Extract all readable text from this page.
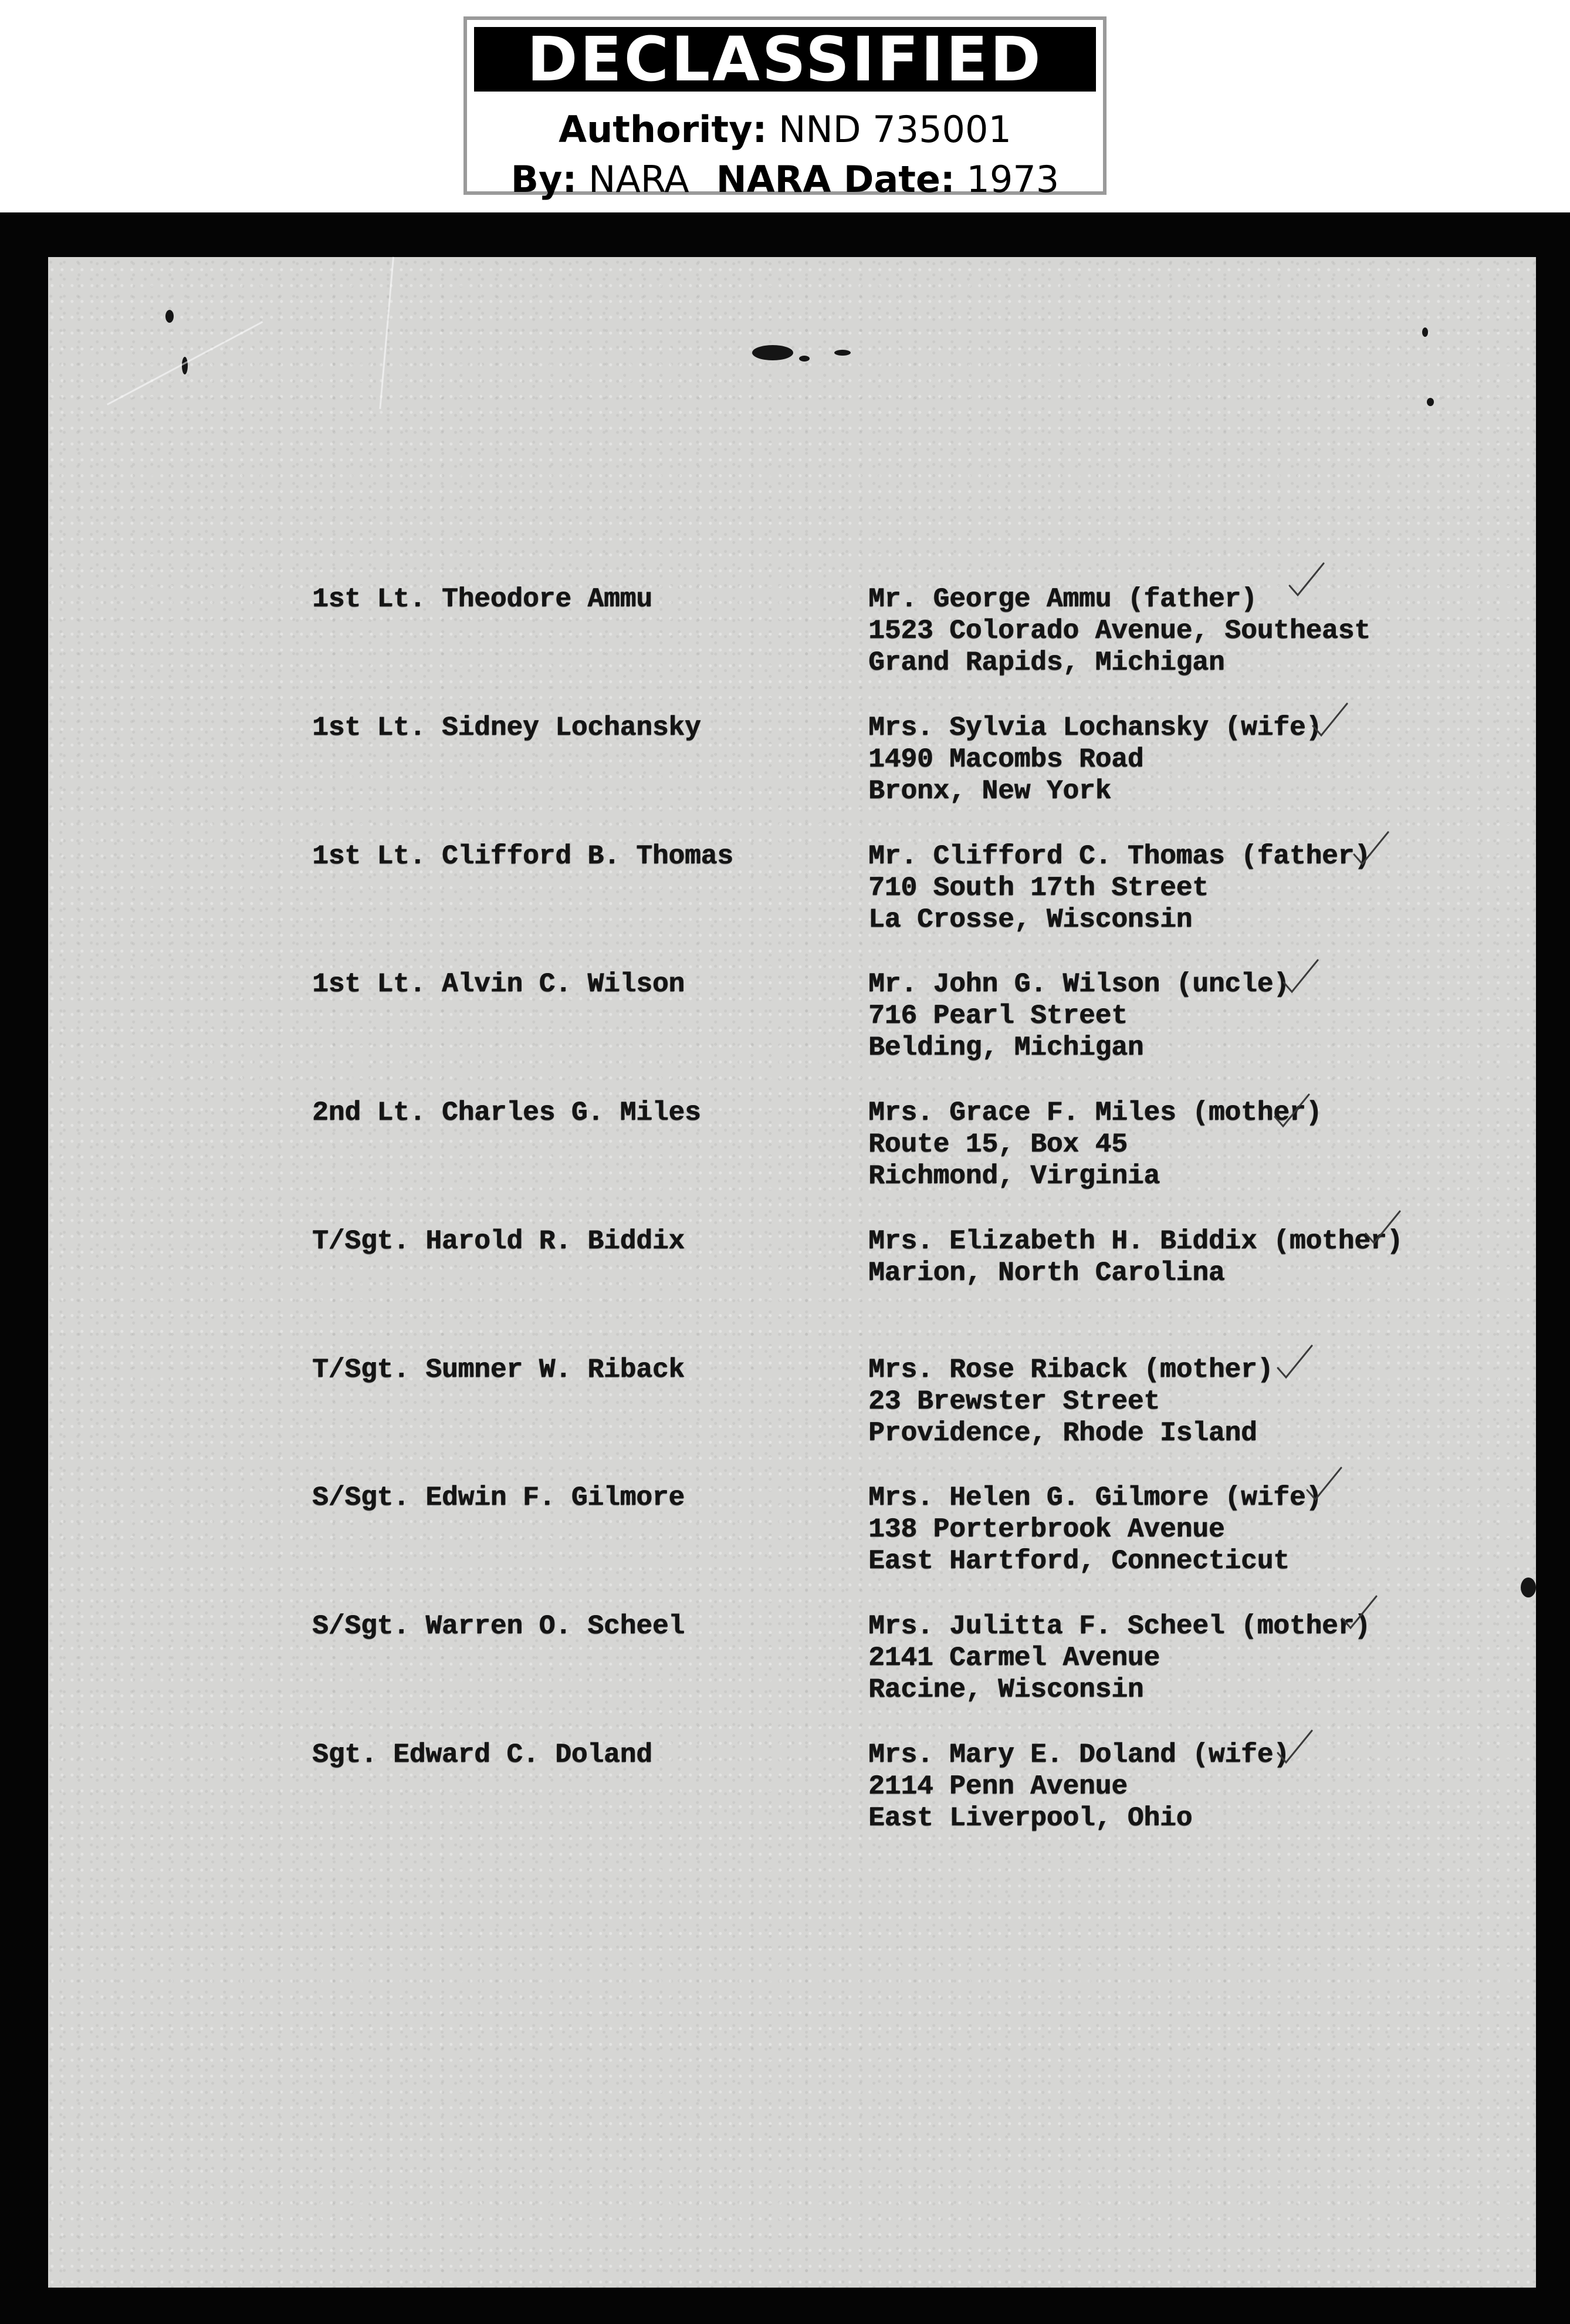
DECLASSIFIED
Authority: NND 735001
By: NARA NARA Date: 1973
1st Lt. Theodore Ammu	Mr. George Ammu (father)
1523 Colorado Avenue, Southeast
Grand Rapids, Michigan
1st Lt. Sidney Lochansky	Mrs. Sylvia Lochansky (wife)
1490 Macombs Road
Bronx, New York
1st Lt. Clifford B. Thomas	Mr. Clifford C. Thomas (father)
710 South 17th Street
La Crosse, Wisconsin
1st Lt. Alvin C. Wilson	Mr. John G. Wilson (uncle)
716 Pearl Street
Belding, Michigan
2nd Lt. Charles G. Miles	Mrs. Grace F. Miles (mother)
Route 15, Box 45
Richmond, Virginia
T/Sgt. Harold R. Biddix	Mrs. Elizabeth H. Biddix (mother)
Marion, North Carolina
T/Sgt. Sumner W. Riback	Mrs. Rose Riback (mother)
23 Brewster Street
Providence, Rhode Island
S/Sgt. Edwin F. Gilmore	Mrs. Helen G. Gilmore (wife)
138 Porterbrook Avenue
East Hartford, Connecticut
S/Sgt. Warren O. Scheel	Mrs. Julitta F. Scheel (mother)
2141 Carmel Avenue
Racine, Wisconsin
Sgt. Edward C. Doland	Mrs. Mary E. Doland (wife)
2114 Penn Avenue
East Liverpool, Ohio
